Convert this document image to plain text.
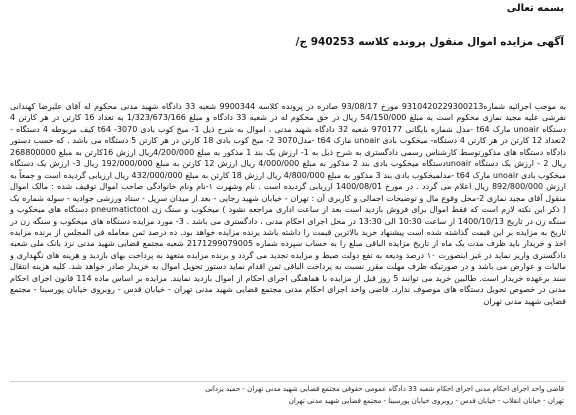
بسمه تعالی
آگهی مزایده اموال منقول پرونده کلاسه 940253 ج/

به موجب اجرائیه شماره9310420229300213 مورخ 93/08/17 صادره در پرونده کلاسه 9900344 شعبه 33 دادگاه شهید مدنی محکوم له آقای علیرضا کهندانی نفرشی علیه مجید نمازی محکوم است به مبلغ 54/150/000 ریال در حق محکوم له در شعبه 33 دادگاه و مبلغ 1/323/673/166 به تعداد 16 کارتن در هر کارتن 4 دستگاه unoair مارک t64 -مدل شماره بایگانی 970177 شعبه 32 دادگاه شهید مدنی ، اموال به شرح ذیل 1- میخ کوب بادی t64 -3070 کیف مربوطه 4 دستگاه - 2تعداد 12 کارتن در هر کارتن 4 دستگاه- میخکوب بادی unoair مارک t64 -مدل3070 2- میخ کوب بادی 18 کارتن در هر کارتن 5 دستگاه می باشد . که حسب دستور دادگاه دستگاه های مذکورتوسط کارشناس رسمی دادگستری به شرح ذیل به 1- ارزش یک بند 1 مذکور به مبلغ 4/200/000ریال ارزش 16کارتن به مبلغ 268800000 ریال 2 - ارزش یک دستگاه unoairدستگاه میخکوب بادی بند 2 مذکور به مبلغ 4/000/000 ریال ارزش 12 کارتن به مبلغ 192/000/000 ریال 3- ارزش یک دستگاه میخکوب بادی unoair مارک t64 -مدلمیخکوب بادی بند 3 مذکور به مبلغ 4/800/000 ریال ارزش 18 کارتن به مبلغ 432/000/000 ریال ارزیابی گردیده است و جمعاً به ارزش 892/800/000 ریال اعلام می گردد . در مورخ 1400/08/01 ارزیابی گردیده است . نام وشهرت ۱-نام ونام خانوادگی صاحب اموال توقیف شده : مالک اموال منقول آقای مجید نمازی 2-محل وقوع مال و توضیحات اجمالی و کاربری آن : تهران - خیابان شهید رجایی - بعد از میدان سرپل - ستاد ورزشی جوادیه - سوله شماره یک ( ذکر این نکته لازم است که فقط اموال برای فروش بازدید است بعد از ساعت اداری مراجعه نشود ) میخکوب و سنگ زن pneumatictool دستگاه های میخکوب و سنگه زن در تاریخ 1400/10/13 از ساعت 10:30 الی 13:30 در محل اجرای احکام مدنی ، دادگستری می باشد . 3- مورد مزایده دستگاه های میخکوب و سنگه زن در تاریخ به مزایده بر این قیمت گذاشته شده است پیشنهاد خرید بالاترین قیمت را داشته باشد برنده مزایده خواهد بود. ده درصد ثمن معامله فی المجلس از برنده مزایده اخذ و خریدار باید ظرف مدت یک ماه از تاریخ مزایده الباقی مبلغ را به حساب سپرده شماره 2171299079005 شعبه مجتمع قضایی شهید مدنی نزد بانک ملی شعبه دادگستری واریز نماید در غیر اینصورت ۱۰ درصد ودیعه به نفع دولت ضبط و مزایده تجدید می گردد و برنده مزایده متعهد به پرداخت بهای بازدید و هزینه های نگهداری و مالیات و عوارض می باشد و در صورتیکه ظرف مهلت مقرر نسبت به پرداخت الباقی ثمن اقدام نماید دستور تحویل اموال به خریدار صادر خواهد شد. کلیه هزینه انتقال سند برعهده خریدار است. طالبین خرید می توانند 5 روز قبل از مزایده با هماهنگی اجرای احکام از اموال بازدید نمایند. مزایده بر اساس ماده 114 قانون اجرای احکام مدنی در خصوص تحویل دستگاه های موصوف ندارد. قاضی واحد اجرای احکام مدنی مجتمع قضایی شهید مدنی تهران - خیابان قدس - روبروی خیابان پورسینا - مجتمع قضایی شهید مدنی تهران

قاضی واحد اجرای احکام مدنی اجرای احکام شعبه 33 دادگاه عمومی حقوقی مجتمع قضایی شهید مدنی تهران - حمید یزدانی
تهران - خیابان انقلاب - خیابان قدس - روبروی خیابان پورسینا - مجتمع قضایی شهید مدنی تهران
